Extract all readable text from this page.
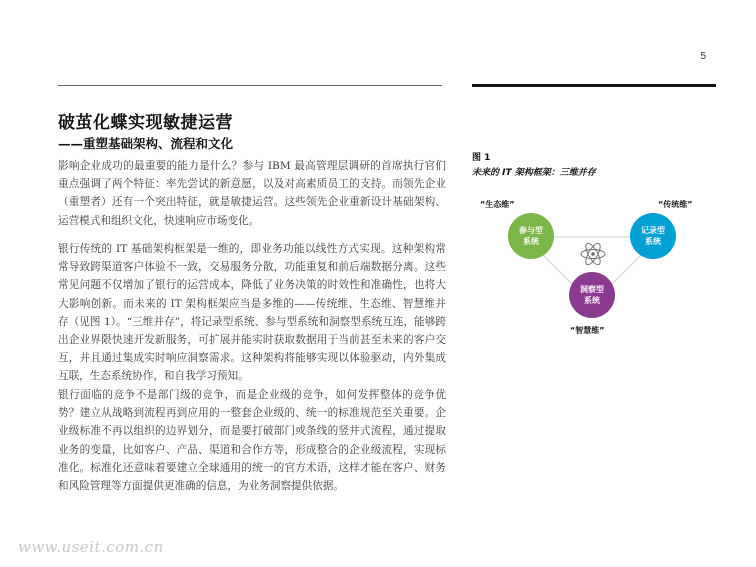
5
破茧化蝶实现敏捷运营
——重塑基础架构、流程和文化

影响企业成功的最重要的能力是什么？参与 IBM 最高管理层调研的首席执行官们重点强调了两个特征：率先尝试的新意愿，以及对高素质员工的支持。而领先企业（重塑者）还有一个突出特征，就是敏捷运营。这些领先企业重新设计基础架构、运营模式和组织文化，快速响应市场变化。

银行传统的 IT 基础架构框架是一维的，即业务功能以线性方式实现。这种架构常常导致跨渠道客户体验不一致，交易服务分散，功能重复和前后端数据分离。这些常见问题不仅增加了银行的运营成本，降低了业务决策的时效性和准确性，也将大大影响创新。而未来的 IT 架构框架应当是多维的——传统维、生态维、智慧维并存（见图 1）。“三维并存”，将记录型系统、参与型系统和洞察型系统互连，能够跨出企业界限快速开发新服务，可扩展并能实时获取数据用于当前甚至未来的客户交互，并且通过集成实时响应洞察需求。这种架构将能够实现以体验驱动，内外集成互联，生态系统协作，和自我学习预知。

银行面临的竞争不是部门级的竞争，而是企业级的竞争，如何发挥整体的竞争优势？建立从战略到流程再到应用的一整套企业级的、统一的标准规范至关重要。企业级标准不再以组织的边界划分，而是要打破部门或条线的竖井式流程，通过提取业务的变量，比如客户、产品、渠道和合作方等，形成整合的企业级流程，实现标准化。标准化还意味着要建立全球通用的统一的官方术语，这样才能在客户、财务和风险管理等方面提供更准确的信息，为业务洞察提供依据。

图 1
未来的 IT 架构框架：三维并存
“生态维”	“传统维”
“智慧维”
参与型
系统
记录型
系统
洞察型
系统
www.useit.com.cn
